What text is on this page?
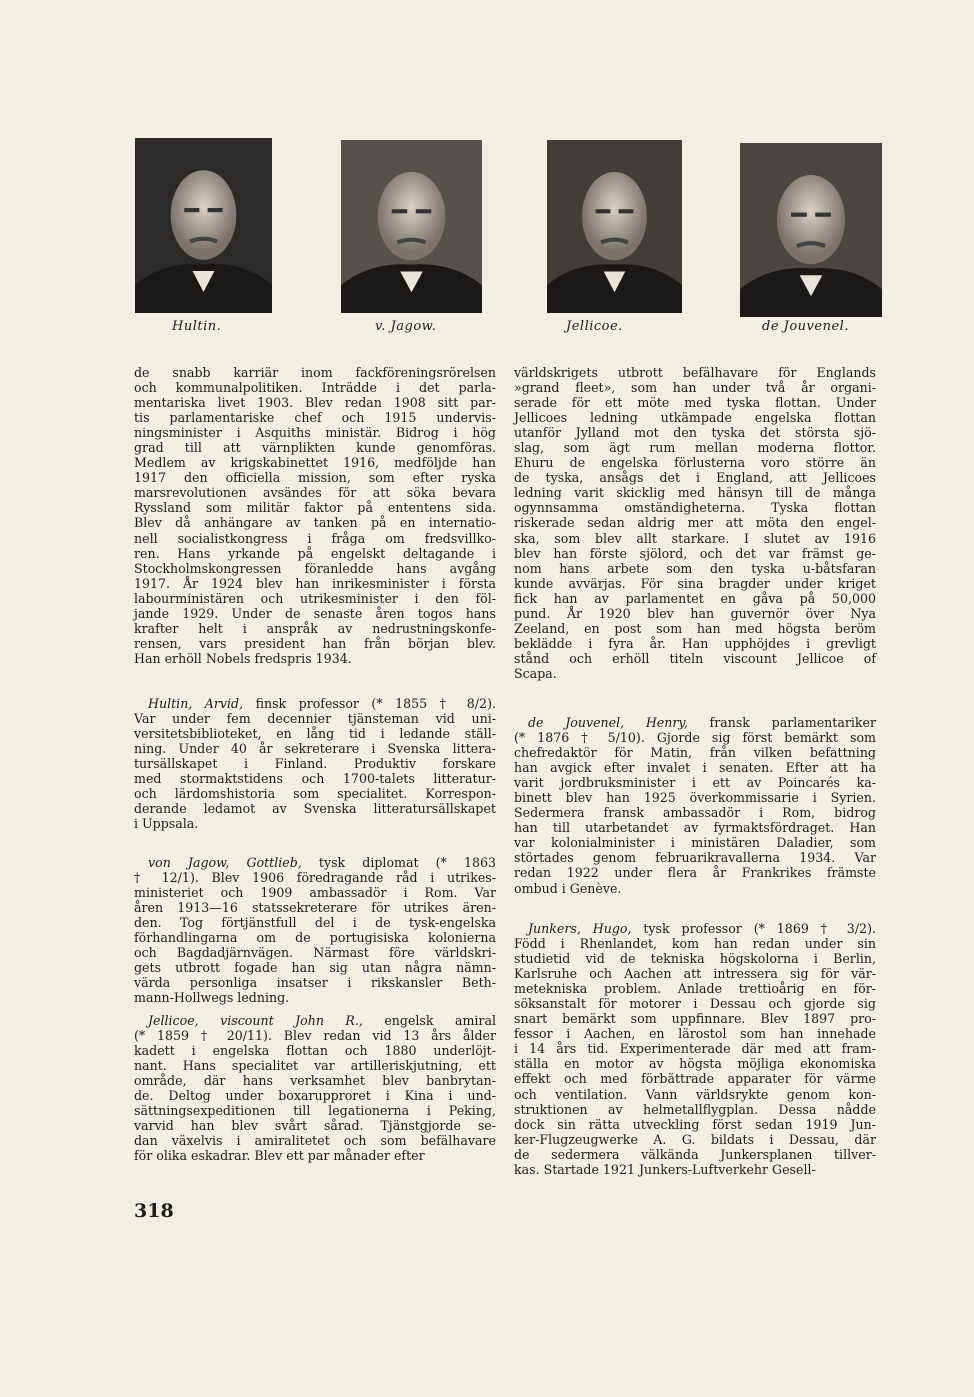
Hultin.	v. Jagow.	Jellicoe.	de Jouvenel.
de snabb karriär inom fackföreningsrörelsen
och kommunalpolitiken. Inträdde i det parla-
mentariska livet 1903. Blev redan 1908 sitt par-
tis parlamentariske chef och 1915 undervis-
ningsminister i Asquiths ministär. Bidrog i hög
grad till att värnplikten kunde genomföras.
Medlem av krigskabinettet 1916, medföljde han
1917 den officiella mission, som efter ryska
marsrevolutionen avsändes för att söka bevara
Ryssland som militär faktor på ententens sida.
Blev då anhängare av tanken på en internatio-
nell socialistkongress i fråga om fredsvillko-
ren. Hans yrkande på engelskt deltagande i
Stockholmskongressen föranledde hans avgång
1917. År 1924 blev han inrikesminister i första
labourministären och utrikesminister i den föl-
jande 1929. Under de senaste åren togos hans
krafter helt i anspråk av nedrustningskonfe-
rensen, vars president han från början blev.
Han erhöll Nobels fredspris 1934.
Hultin, Arvid, finsk professor (* 1855 † 8/2).
Var under fem decennier tjänsteman vid uni-
versitetsbiblioteket, en lång tid i ledande ställ-
ning. Under 40 år sekreterare i Svenska littera-
tursällskapet i Finland. Produktiv forskare
med stormaktstidens och 1700-talets litteratur-
och lärdomshistoria som specialitet. Korrespon-
derande ledamot av Svenska litteratursällskapet
i Uppsala.
von Jagow, Gottlieb, tysk diplomat (* 1863
† 12/1). Blev 1906 föredragande råd i utrikes-
ministeriet och 1909 ambassadör i Rom. Var
åren 1913—16 statssekreterare för utrikes ären-
den. Tog förtjänstfull del i de tysk-engelska
förhandlingarna om de portugisiska kolonierna
och Bagdadjärnvägen. Närmast före världskri-
gets utbrott fogade han sig utan några nämn-
värda personliga insatser i rikskansler Beth-
mann-Hollwegs ledning.
Jellicoe, viscount John R., engelsk amiral
(* 1859 † 20/11). Blev redan vid 13 års ålder
kadett i engelska flottan och 1880 underlöjt-
nant. Hans specialitet var artilleriskjutning, ett
område, där hans verksamhet blev banbrytan-
de. Deltog under boxarupproret i Kina i und-
sättningsexpeditionen till legationerna i Peking,
varvid han blev svårt sårad. Tjänstgjorde se-
dan växelvis i amiralitetet och som befälhavare
för olika eskadrar. Blev ett par månader efter
världskrigets utbrott befälhavare för Englands
»grand fleet», som han under två år organi-
serade för ett möte med tyska flottan. Under
Jellicoes ledning utkämpade engelska flottan
utanför Jylland mot den tyska det största sjö-
slag, som ägt rum mellan moderna flottor.
Ehuru de engelska förlusterna voro större än
de tyska, ansågs det i England, att Jellicoes
ledning varit skicklig med hänsyn till de många
ogynnsamma omständigheterna. Tyska flottan
riskerade sedan aldrig mer att möta den engel-
ska, som blev allt starkare. I slutet av 1916
blev han förste sjölord, och det var främst ge-
nom hans arbete som den tyska u-båtsfaran
kunde avvärjas. För sina bragder under kriget
fick han av parlamentet en gåva på 50,000
pund. År 1920 blev han guvernör över Nya
Zeeland, en post som han med högsta beröm
beklädde i fyra år. Han upphöjdes i grevligt
stånd och erhöll titeln viscount Jellicoe of
Scapa.
de Jouvenel, Henry, fransk parlamentariker
(* 1876 † 5/10). Gjorde sig först bemärkt som
chefredaktör för Matin, från vilken befattning
han avgick efter invalet i senaten. Efter att ha
varit jordbruksminister i ett av Poincarés ka-
binett blev han 1925 överkommissarie i Syrien.
Sedermera fransk ambassadör i Rom, bidrog
han till utarbetandet av fyrmaktsfördraget. Han
var kolonialminister i ministären Daladier, som
störtades genom februarikravallerna 1934. Var
redan 1922 under flera år Frankrikes främste
ombud i Genève.
Junkers, Hugo, tysk professor (* 1869 † 3/2).
Född i Rhenlandet, kom han redan under sin
studietid vid de tekniska högskolorna i Berlin,
Karlsruhe och Aachen att intressera sig för vär-
metekniska problem. Anlade trettioårig en för-
söksanstalt för motorer i Dessau och gjorde sig
snart bemärkt som uppfinnare. Blev 1897 pro-
fessor i Aachen, en lärostol som han innehade
i 14 års tid. Experimenterade där med att fram-
ställa en motor av högsta möjliga ekonomiska
effekt och med förbättrade apparater för värme
och ventilation. Vann världsrykte genom kon-
struktionen av helmetallflygplan. Dessa nådde
dock sin rätta utveckling först sedan 1919 Jun-
ker-Flugzeugwerke A. G. bildats i Dessau, där
de sedermera välkända Junkersplanen tillver-
kas. Startade 1921 Junkers-Luftverkehr Gesell-
318
